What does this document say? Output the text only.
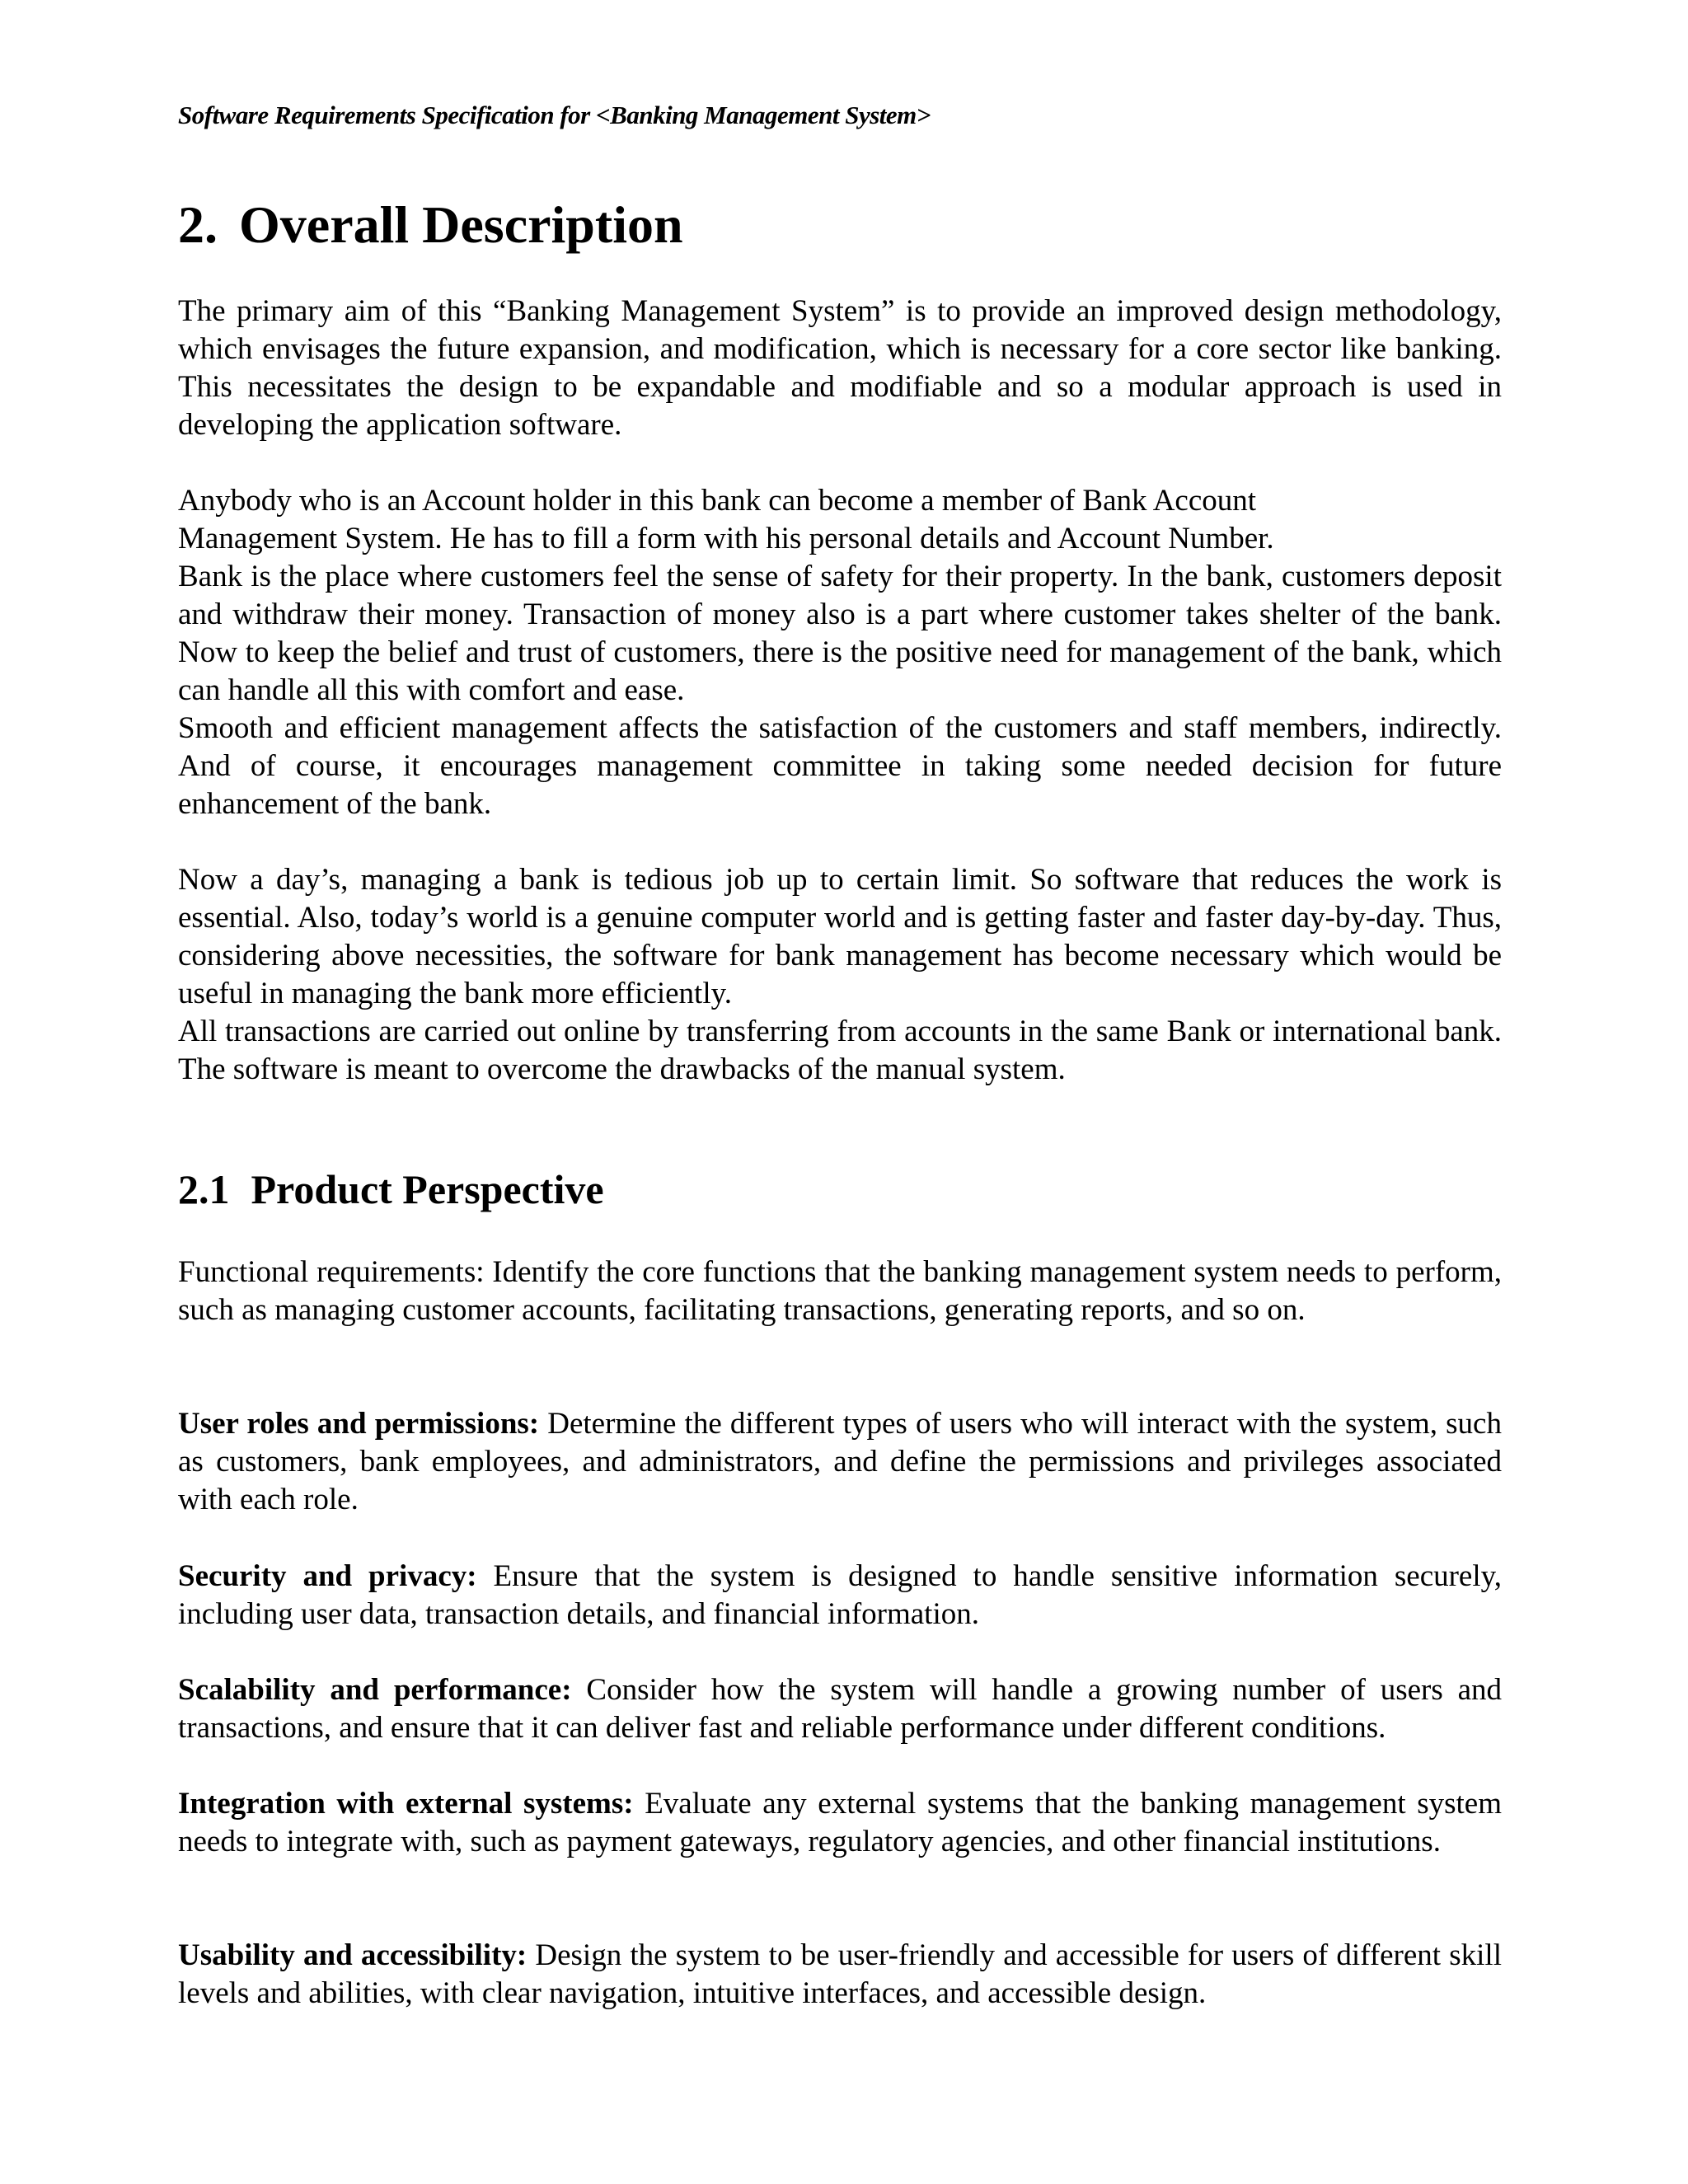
Software Requirements Specification for <Banking Management System>
2. Overall Description

The primary aim of this “Banking Management System” is to provide an improved design methodology, which envisages the future expansion, and modification, which is necessary for a core sector like banking. This necessitates the design to be expandable and modifiable and so a modular approach is used in developing the application software.

Anybody who is an Account holder in this bank can become a member of Bank Account

Management System. He has to fill a form with his personal details and Account Number.

Bank is the place where customers feel the sense of safety for their property. In the bank, customers deposit and withdraw their money. Transaction of money also is a part where customer takes shelter of the bank. Now to keep the belief and trust of customers, there is the positive need for management of the bank, which can handle all this with comfort and ease.

Smooth and efficient management affects the satisfaction of the customers and staff members, indirectly. And of course, it encourages management committee in taking some needed decision for future enhancement of the bank.

Now a day’s, managing a bank is tedious job up to certain limit. So software that reduces the work is essential. Also, today’s world is a genuine computer world and is getting faster and faster day-by-day. Thus, considering above necessities, the software for bank management has become necessary which would be useful in managing the bank more efficiently.

All transactions are carried out online by transferring from accounts in the same Bank or international bank. The software is meant to overcome the drawbacks of the manual system.

2.1 Product Perspective

Functional requirements: Identify the core functions that the banking management system needs to perform, such as managing customer accounts, facilitating transactions, generating reports, and so on.

User roles and permissions: Determine the different types of users who will interact with the system, such as customers, bank employees, and administrators, and define the permissions and privileges associated with each role.

Security and privacy: Ensure that the system is designed to handle sensitive information securely, including user data, transaction details, and financial information.

Scalability and performance: Consider how the system will handle a growing number of users and transactions, and ensure that it can deliver fast and reliable performance under different conditions.

Integration with external systems: Evaluate any external systems that the banking management system needs to integrate with, such as payment gateways, regulatory agencies, and other financial institutions.

Usability and accessibility: Design the system to be user-friendly and accessible for users of different skill levels and abilities, with clear navigation, intuitive interfaces, and accessible design.
